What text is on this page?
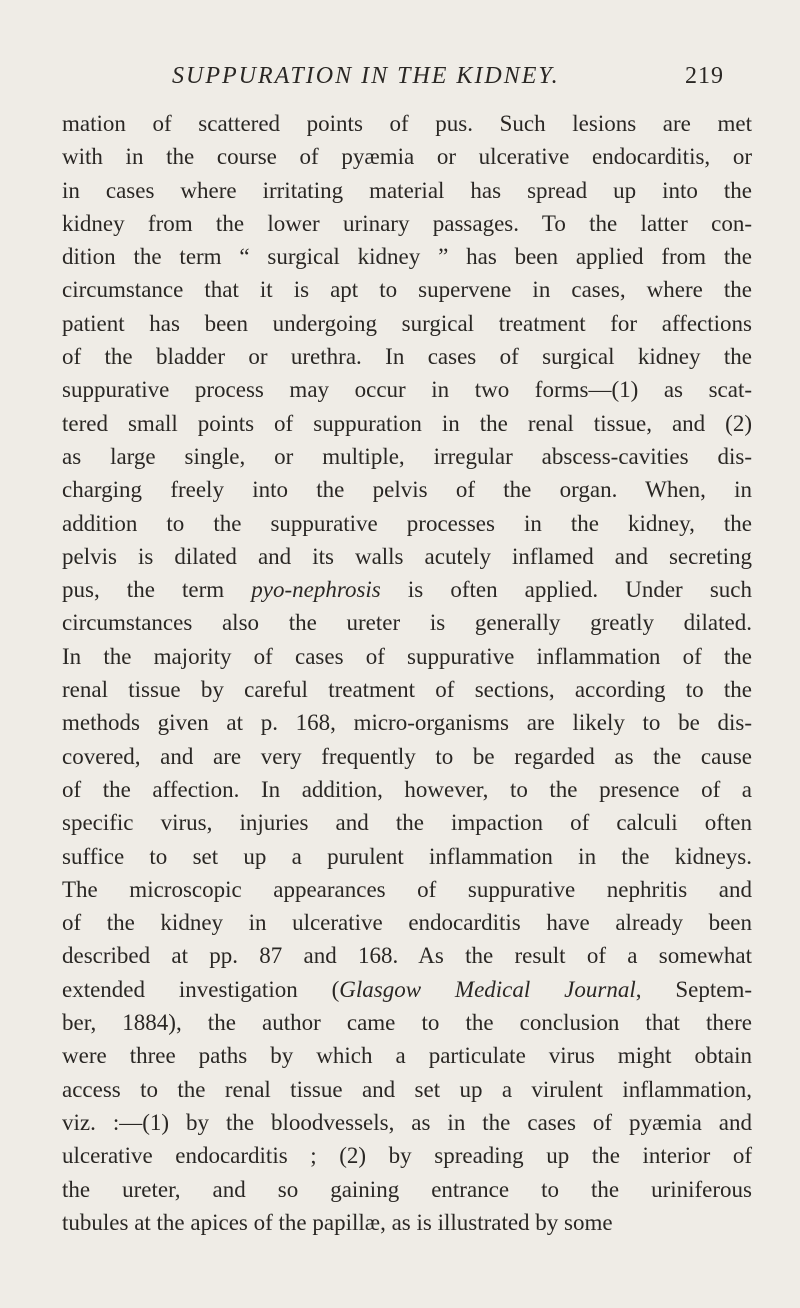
SUPPURATION IN THE KIDNEY.	219
mation of scattered points of pus. Such lesions are met
with in the course of pyæmia or ulcerative endocarditis, or
in cases where irritating material has spread up into the
kidney from the lower urinary passages. To the latter con-
dition the term “ surgical kidney ” has been applied from the
circumstance that it is apt to supervene in cases, where the
patient has been undergoing surgical treatment for affections
of the bladder or urethra. In cases of surgical kidney the
suppurative process may occur in two forms—(1) as scat-
tered small points of suppuration in the renal tissue, and (2)
as large single, or multiple, irregular abscess-cavities dis-
charging freely into the pelvis of the organ. When, in
addition to the suppurative processes in the kidney, the
pelvis is dilated and its walls acutely inflamed and secreting
pus, the term pyo-nephrosis is often applied. Under such
circumstances also the ureter is generally greatly dilated.
In the majority of cases of suppurative inflammation of the
renal tissue by careful treatment of sections, according to the
methods given at p. 168, micro-organisms are likely to be dis-
covered, and are very frequently to be regarded as the cause
of the affection. In addition, however, to the presence of a
specific virus, injuries and the impaction of calculi often
suffice to set up a purulent inflammation in the kidneys.
The microscopic appearances of suppurative nephritis and
of the kidney in ulcerative endocarditis have already been
described at pp. 87 and 168. As the result of a somewhat
extended investigation (Glasgow Medical Journal, Septem-
ber, 1884), the author came to the conclusion that there
were three paths by which a particulate virus might obtain
access to the renal tissue and set up a virulent inflammation,
viz. :—(1) by the bloodvessels, as in the cases of pyæmia and
ulcerative endocarditis ; (2) by spreading up the interior of
the ureter, and so gaining entrance to the uriniferous
tubules at the apices of the papillæ, as is illustrated by some
